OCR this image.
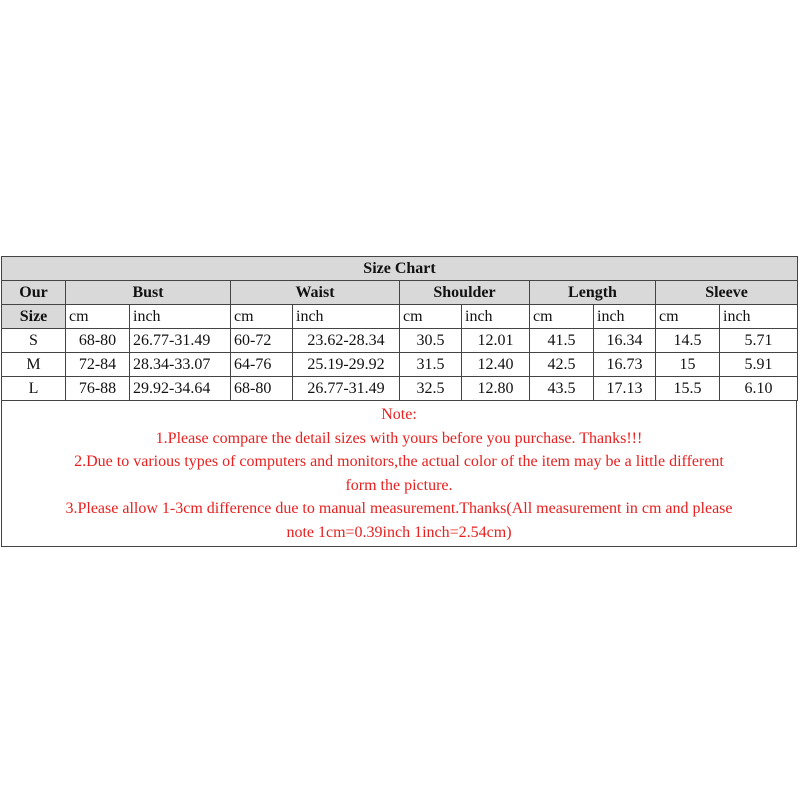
Size Chart										
Our	Bust		Waist		Shoulder		Length		Sleeve	
Size	cm	inch	cm	inch	cm	inch	cm	inch	cm	inch
S	68-80	26.77-31.49	60-72	23.62-28.34	30.5	12.01	41.5	16.34	14.5	5.71
M	72-84	28.34-33.07	64-76	25.19-29.92	31.5	12.40	42.5	16.73	15	5.91
L	76-88	29.92-34.64	68-80	26.77-31.49	32.5	12.80	43.5	17.13	15.5	6.10
Note:
1.Please compare the detail sizes with yours before you purchase. Thanks!!!
2.Due to various types of computers and monitors,the actual color of the item may be a little different
form the picture.
3.Please allow 1-3cm difference due to manual measurement.Thanks(All measurement in cm and please
note 1cm=0.39inch 1inch=2.54cm)
